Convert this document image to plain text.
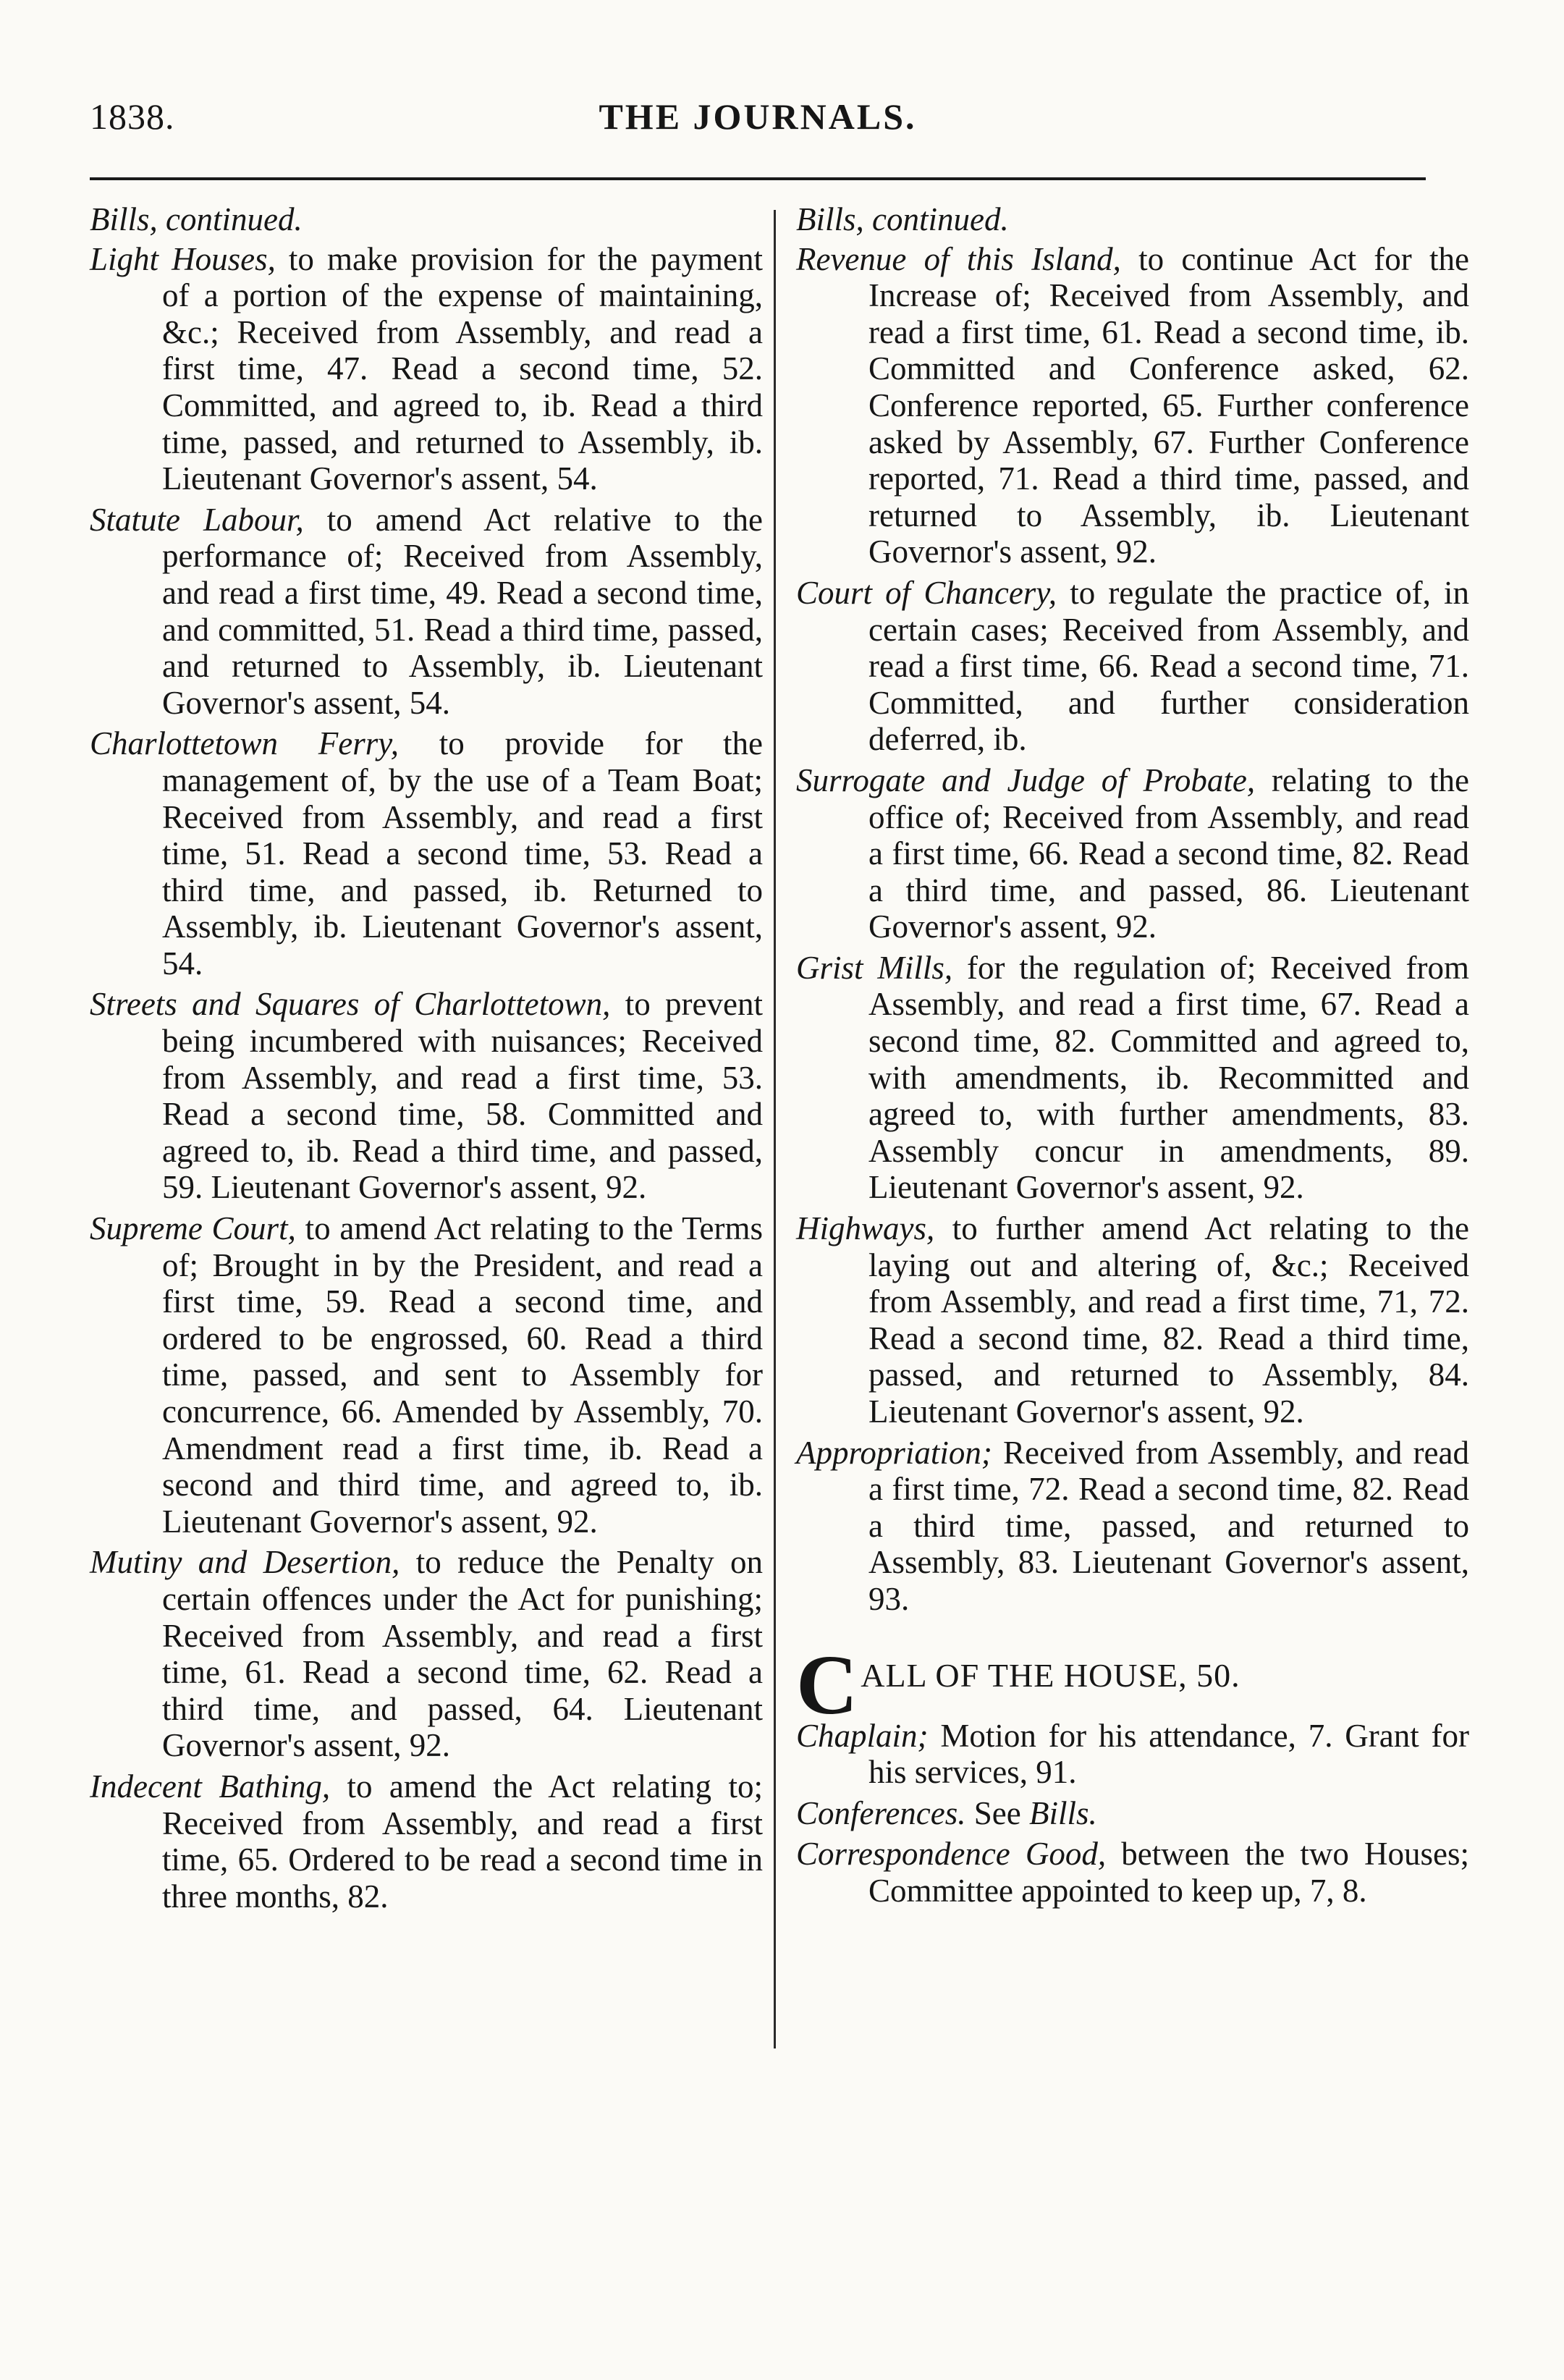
1838.	THE JOURNALS.

Bills, continued.

Light Houses, to make provision for the payment of a portion of the expense of maintaining, &c.; Received from Assembly, and read a first time, 47. Read a second time, 52. Committed, and agreed to, ib. Read a third time, passed, and returned to Assembly, ib. Lieutenant Governor's assent, 54.

Statute Labour, to amend Act relative to the performance of; Received from Assembly, and read a first time, 49. Read a second time, and committed, 51. Read a third time, passed, and returned to Assembly, ib. Lieutenant Governor's assent, 54.

Charlottetown Ferry, to provide for the management of, by the use of a Team Boat; Received from Assembly, and read a first time, 51. Read a second time, 53. Read a third time, and passed, ib. Returned to Assembly, ib. Lieutenant Governor's assent, 54.

Streets and Squares of Charlottetown, to prevent being incumbered with nuisances; Received from Assembly, and read a first time, 53. Read a second time, 58. Committed and agreed to, ib. Read a third time, and passed, 59. Lieutenant Governor's assent, 92.

Supreme Court, to amend Act relating to the Terms of; Brought in by the President, and read a first time, 59. Read a second time, and ordered to be engrossed, 60. Read a third time, passed, and sent to Assembly for concurrence, 66. Amended by Assembly, 70. Amendment read a first time, ib. Read a second and third time, and agreed to, ib. Lieutenant Governor's assent, 92.

Mutiny and Desertion, to reduce the Penalty on certain offences under the Act for punishing; Received from Assembly, and read a first time, 61. Read a second time, 62. Read a third time, and passed, 64. Lieutenant Governor's assent, 92.

Indecent Bathing, to amend the Act relating to; Received from Assembly, and read a first time, 65. Ordered to be read a second time in three months, 82.

Bills, continued.

Revenue of this Island, to continue Act for the Increase of; Received from Assembly, and read a first time, 61. Read a second time, ib. Committed and Conference asked, 62. Conference reported, 65. Further conference asked by Assembly, 67. Further Conference reported, 71. Read a third time, passed, and returned to Assembly, ib. Lieutenant Governor's assent, 92.

Court of Chancery, to regulate the practice of, in certain cases; Received from Assembly, and read a first time, 66. Read a second time, 71. Committed, and further consideration deferred, ib.

Surrogate and Judge of Probate, relating to the office of; Received from Assembly, and read a first time, 66. Read a second time, 82. Read a third time, and passed, 86. Lieutenant Governor's assent, 92.

Grist Mills, for the regulation of; Received from Assembly, and read a first time, 67. Read a second time, 82. Committed and agreed to, with amendments, ib. Recommitted and agreed to, with further amendments, 83. Assembly concur in amendments, 89. Lieutenant Governor's assent, 92.

Highways, to further amend Act relating to the laying out and altering of, &c.; Received from Assembly, and read a first time, 71, 72. Read a second time, 82. Read a third time, passed, and returned to Assembly, 84. Lieutenant Governor's assent, 92.

Appropriation; Received from Assembly, and read a first time, 72. Read a second time, 82. Read a third time, passed, and returned to Assembly, 83. Lieutenant Governor's assent, 93.

CALL OF THE HOUSE, 50.

Chaplain; Motion for his attendance, 7. Grant for his services, 91.

Conferences. See Bills.

Correspondence Good, between the two Houses; Committee appointed to keep up, 7, 8.
